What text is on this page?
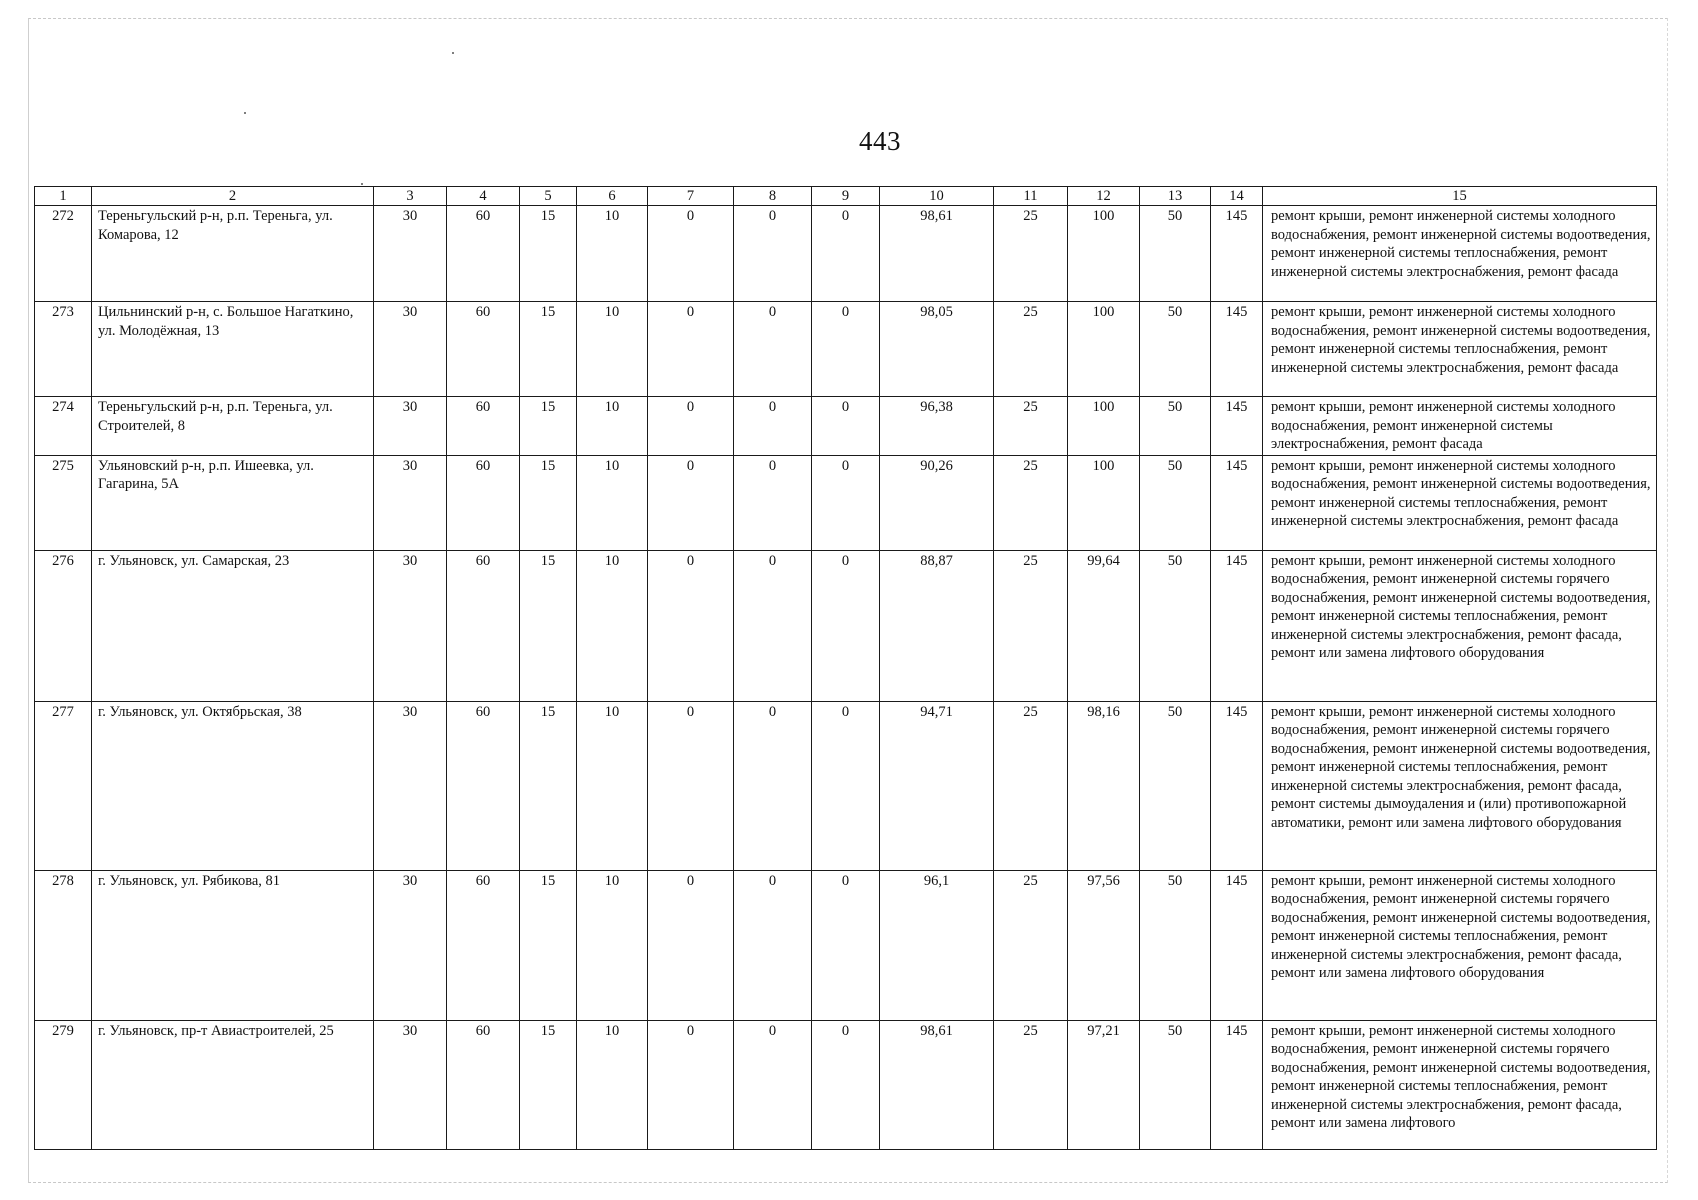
443
1	2	3	4	5	6	7	8	9	10	11	12	13	14	15
272	Тереньгульский р-н, р.п. Тереньга, ул. Комарова, 12	30	60	15	10	0	0	0	98,61	25	100	50	145	ремонт крыши, ремонт инженерной системы холодного водоснабжения, ремонт инженерной системы водоотведения, ремонт инженерной системы теплоснабжения, ремонт инженерной системы электроснабжения, ремонт фасада
273	Цильнинский р-н, с. Большое Нагаткино, ул. Молодёжная, 13	30	60	15	10	0	0	0	98,05	25	100	50	145	ремонт крыши, ремонт инженерной системы холодного водоснабжения, ремонт инженерной системы водоотведения, ремонт инженерной системы теплоснабжения, ремонт инженерной системы электроснабжения, ремонт фасада
274	Тереньгульский р-н, р.п. Тереньга, ул. Строителей, 8	30	60	15	10	0	0	0	96,38	25	100	50	145	ремонт крыши, ремонт инженерной системы холодного водоснабжения, ремонт инженерной системы электроснабжения, ремонт фасада
275	Ульяновский р-н, р.п. Ишеевка, ул. Гагарина, 5А	30	60	15	10	0	0	0	90,26	25	100	50	145	ремонт крыши, ремонт инженерной системы холодного водоснабжения, ремонт инженерной системы водоотведения, ремонт инженерной системы теплоснабжения, ремонт инженерной системы электроснабжения, ремонт фасада
276	г. Ульяновск, ул. Самарская, 23	30	60	15	10	0	0	0	88,87	25	99,64	50	145	ремонт крыши, ремонт инженерной системы холодного водоснабжения, ремонт инженерной системы горячего водоснабжения, ремонт инженерной системы водоотведения, ремонт инженерной системы теплоснабжения, ремонт инженерной системы электроснабжения, ремонт фасада, ремонт или замена лифтового оборудования
277	г. Ульяновск, ул. Октябрьская, 38	30	60	15	10	0	0	0	94,71	25	98,16	50	145	ремонт крыши, ремонт инженерной системы холодного водоснабжения, ремонт инженерной системы горячего водоснабжения, ремонт инженерной системы водоотведения, ремонт инженерной системы теплоснабжения, ремонт инженерной системы электроснабжения, ремонт фасада, ремонт системы дымоудаления и (или) противопожарной автоматики, ремонт или замена лифтового оборудования
278	г. Ульяновск, ул. Рябикова, 81	30	60	15	10	0	0	0	96,1	25	97,56	50	145	ремонт крыши, ремонт инженерной системы холодного водоснабжения, ремонт инженерной системы горячего водоснабжения, ремонт инженерной системы водоотведения, ремонт инженерной системы теплоснабжения, ремонт инженерной системы электроснабжения, ремонт фасада, ремонт или замена лифтового оборудования
279	г. Ульяновск, пр-т Авиастроителей, 25	30	60	15	10	0	0	0	98,61	25	97,21	50	145	ремонт крыши, ремонт инженерной системы холодного водоснабжения, ремонт инженерной системы горячего водоснабжения, ремонт инженерной системы водоотведения, ремонт инженерной системы теплоснабжения, ремонт инженерной системы электроснабжения, ремонт фасада, ремонт или замена лифтового
